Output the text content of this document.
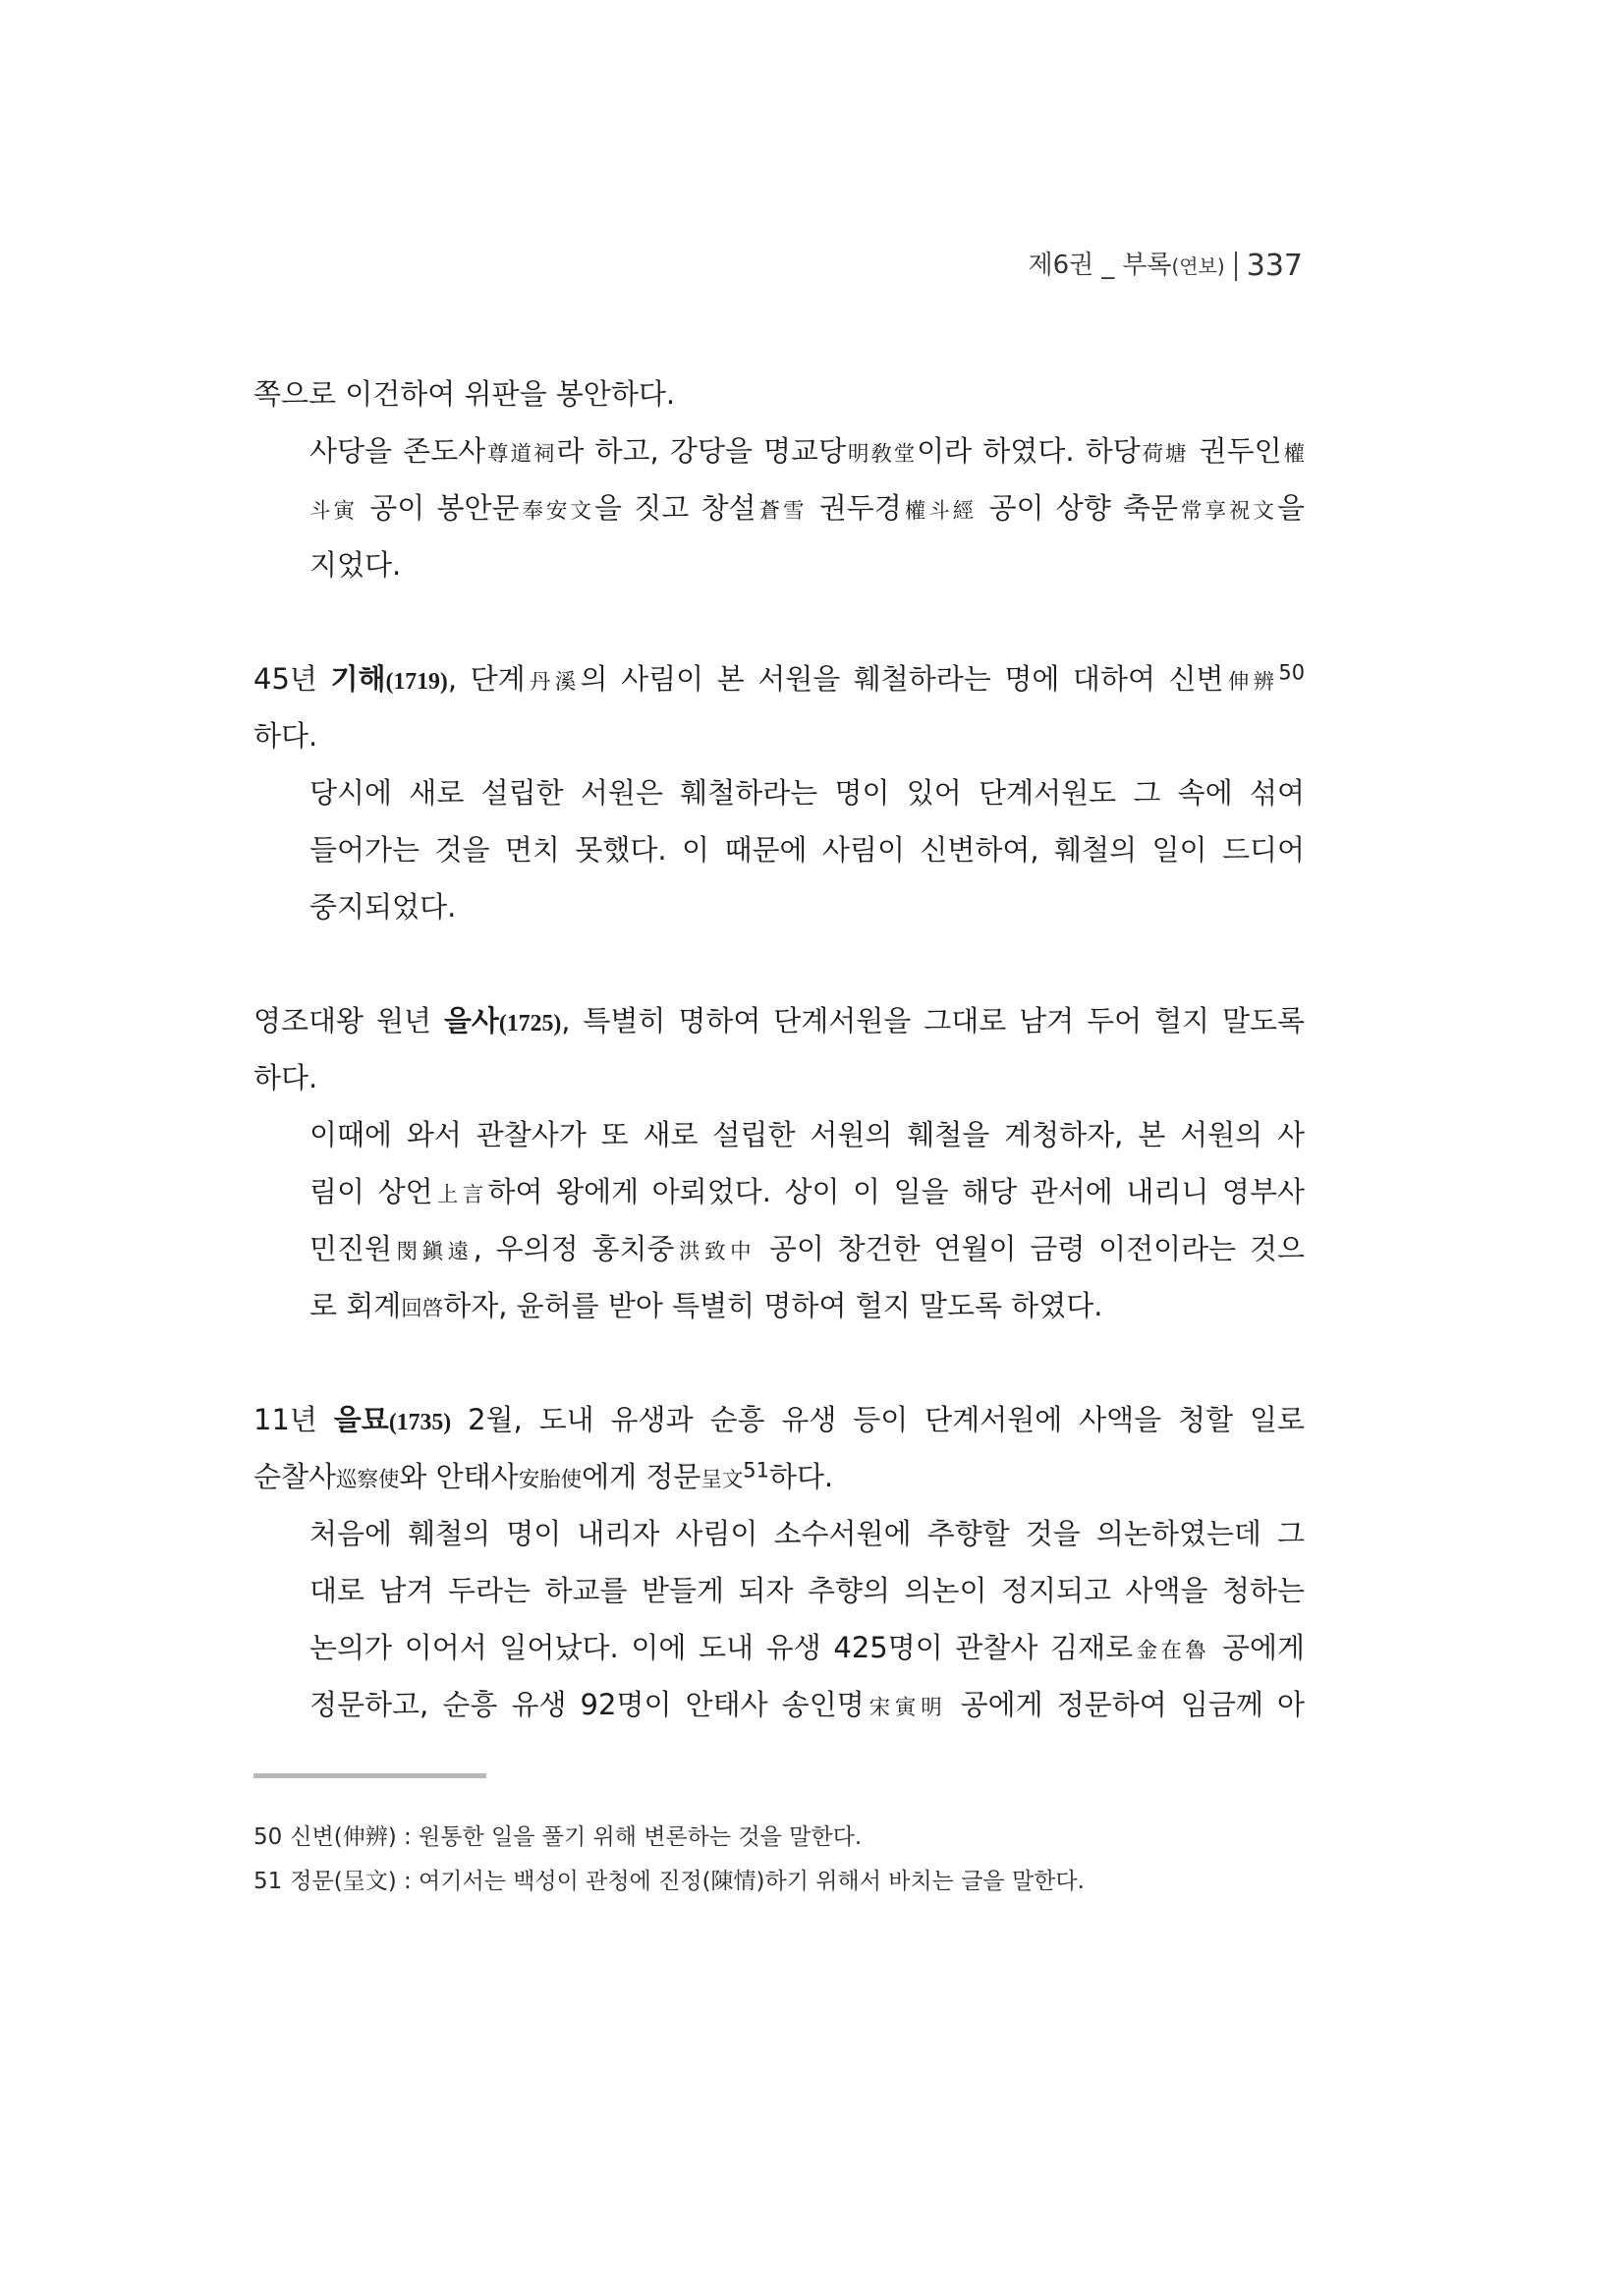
제6권 _ 부록(연보) 337
쪽으로 이건하여 위판을 봉안하다.
사당을 존도사尊道祠라 하고, 강당을 명교당明敎堂이라 하였다. 하당荷塘 권두인權
斗寅 공이 봉안문奉安文을 짓고 창설蒼雪 권두경權斗經 공이 상향 축문常享祝文을
지었다.
45년 기해(1719), 단계丹溪의 사림이 본 서원을 훼철하라는 명에 대하여 신변伸辨$^{50}$
하다.
당시에 새로 설립한 서원은 훼철하라는 명이 있어 단계서원도 그 속에 섞여
들어가는 것을 면치 못했다. 이 때문에 사림이 신변하여, 훼철의 일이 드디어
중지되었다.
영조대왕 원년 을사(1725), 특별히 명하여 단계서원을 그대로 남겨 두어 헐지 말도록
하다.
이때에 와서 관찰사가 또 새로 설립한 서원의 훼철을 계청하자, 본 서원의 사
림이 상언上言하여 왕에게 아뢰었다. 상이 이 일을 해당 관서에 내리니 영부사
민진원閔鎭遠, 우의정 홍치중洪致中 공이 창건한 연월이 금령 이전이라는 것으
로 회계回啓하자, 윤허를 받아 특별히 명하여 헐지 말도록 하였다.
11년 을묘(1735) 2월, 도내 유생과 순흥 유생 등이 단계서원에 사액을 청할 일로
순찰사巡察使와 안태사安胎使에게 정문呈文$^{51}$하다.
처음에 훼철의 명이 내리자 사림이 소수서원에 추향할 것을 의논하였는데 그
대로 남겨 두라는 하교를 받들게 되자 추향의 의논이 정지되고 사액을 청하는
논의가 이어서 일어났다. 이에 도내 유생 425명이 관찰사 김재로金在魯 공에게
정문하고, 순흥 유생 92명이 안태사 송인명宋寅明 공에게 정문하여 임금께 아
50 신변(伸辨) : 원통한 일을 풀기 위해 변론하는 것을 말한다.
51 정문(呈文) : 여기서는 백성이 관청에 진정(陳情)하기 위해서 바치는 글을 말한다.
